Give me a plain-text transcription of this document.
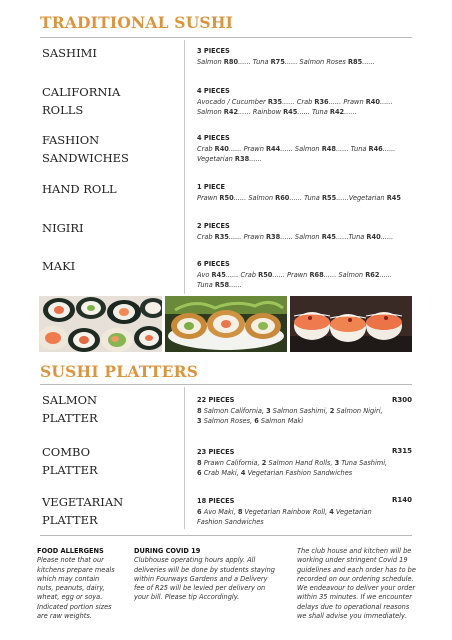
TRADITIONAL SUSHI
SASHIMI	3 PIECES
Salmon R80...... Tuna R75...... Salmon Roses R85......
CALIFORNIA ROLLS
4 PIECES
Avocado / Cucumber R35...... Crab R36...... Prawn R40......
Salmon R42...... Rainbow R45...... Tuna R42......
FASHION SANDWICHES
4 PIECES
Crab R40...... Prawn R44...... Salmon R48...... Tuna R46......
Vegetarian R38......
HAND ROLL	1 PIECE
Prawn R50...... Salmon R60...... Tuna R55......Vegetarian R45
NIGIRI	2 PIECES
Crab R35...... Prawn R38...... Salmon R45......Tuna R40......
MAKI	6 PIECES
Avo R45...... Crab R50...... Prawn R68...... Salmon R62......
Tuna R58......
SUSHI PLATTERS
SALMON PLATTER
22 PIECES
8 Salmon California, 3 Salmon Sashimi, 2 Salmon Nigiri,
3 Salmon Roses, 6 Salmon Maki
R300
COMBO PLATTER
23 PIECES
8 Prawn California, 2 Salmon Hand Rolls, 3 Tuna Sashimi,
6 Crab Maki, 4 Vegetarian Fashion Sandwiches
R315
VEGETARIAN PLATTER
18 PIECES
6 Avo Maki, 8 Vegetarian Rainbow Roll, 4 Vegetarian
Fashion Sandwiches
R140
FOOD ALLERGENS
Please note that our
kitchens prepare meals
which may contain
nuts, peanuts, dairy,
wheat, egg or soya.
Indicated portion sizes
are raw weights.
DURING COVID 19
Clubhouse operating hours apply. All
deliveries will be done by students staying
within Fourways Gardens and a Delivery
fee of R25 will be levied per delivery on
your bill. Please tip Accordingly.
The club house and kitchen will be
working under stringent Covid 19
guidelines and each order has to be
recorded on our ordering schedule.
We endeavour to deliver your order
within 35 minutes. If we encounter
delays due to operational reasons
we shall advise you immediately.
